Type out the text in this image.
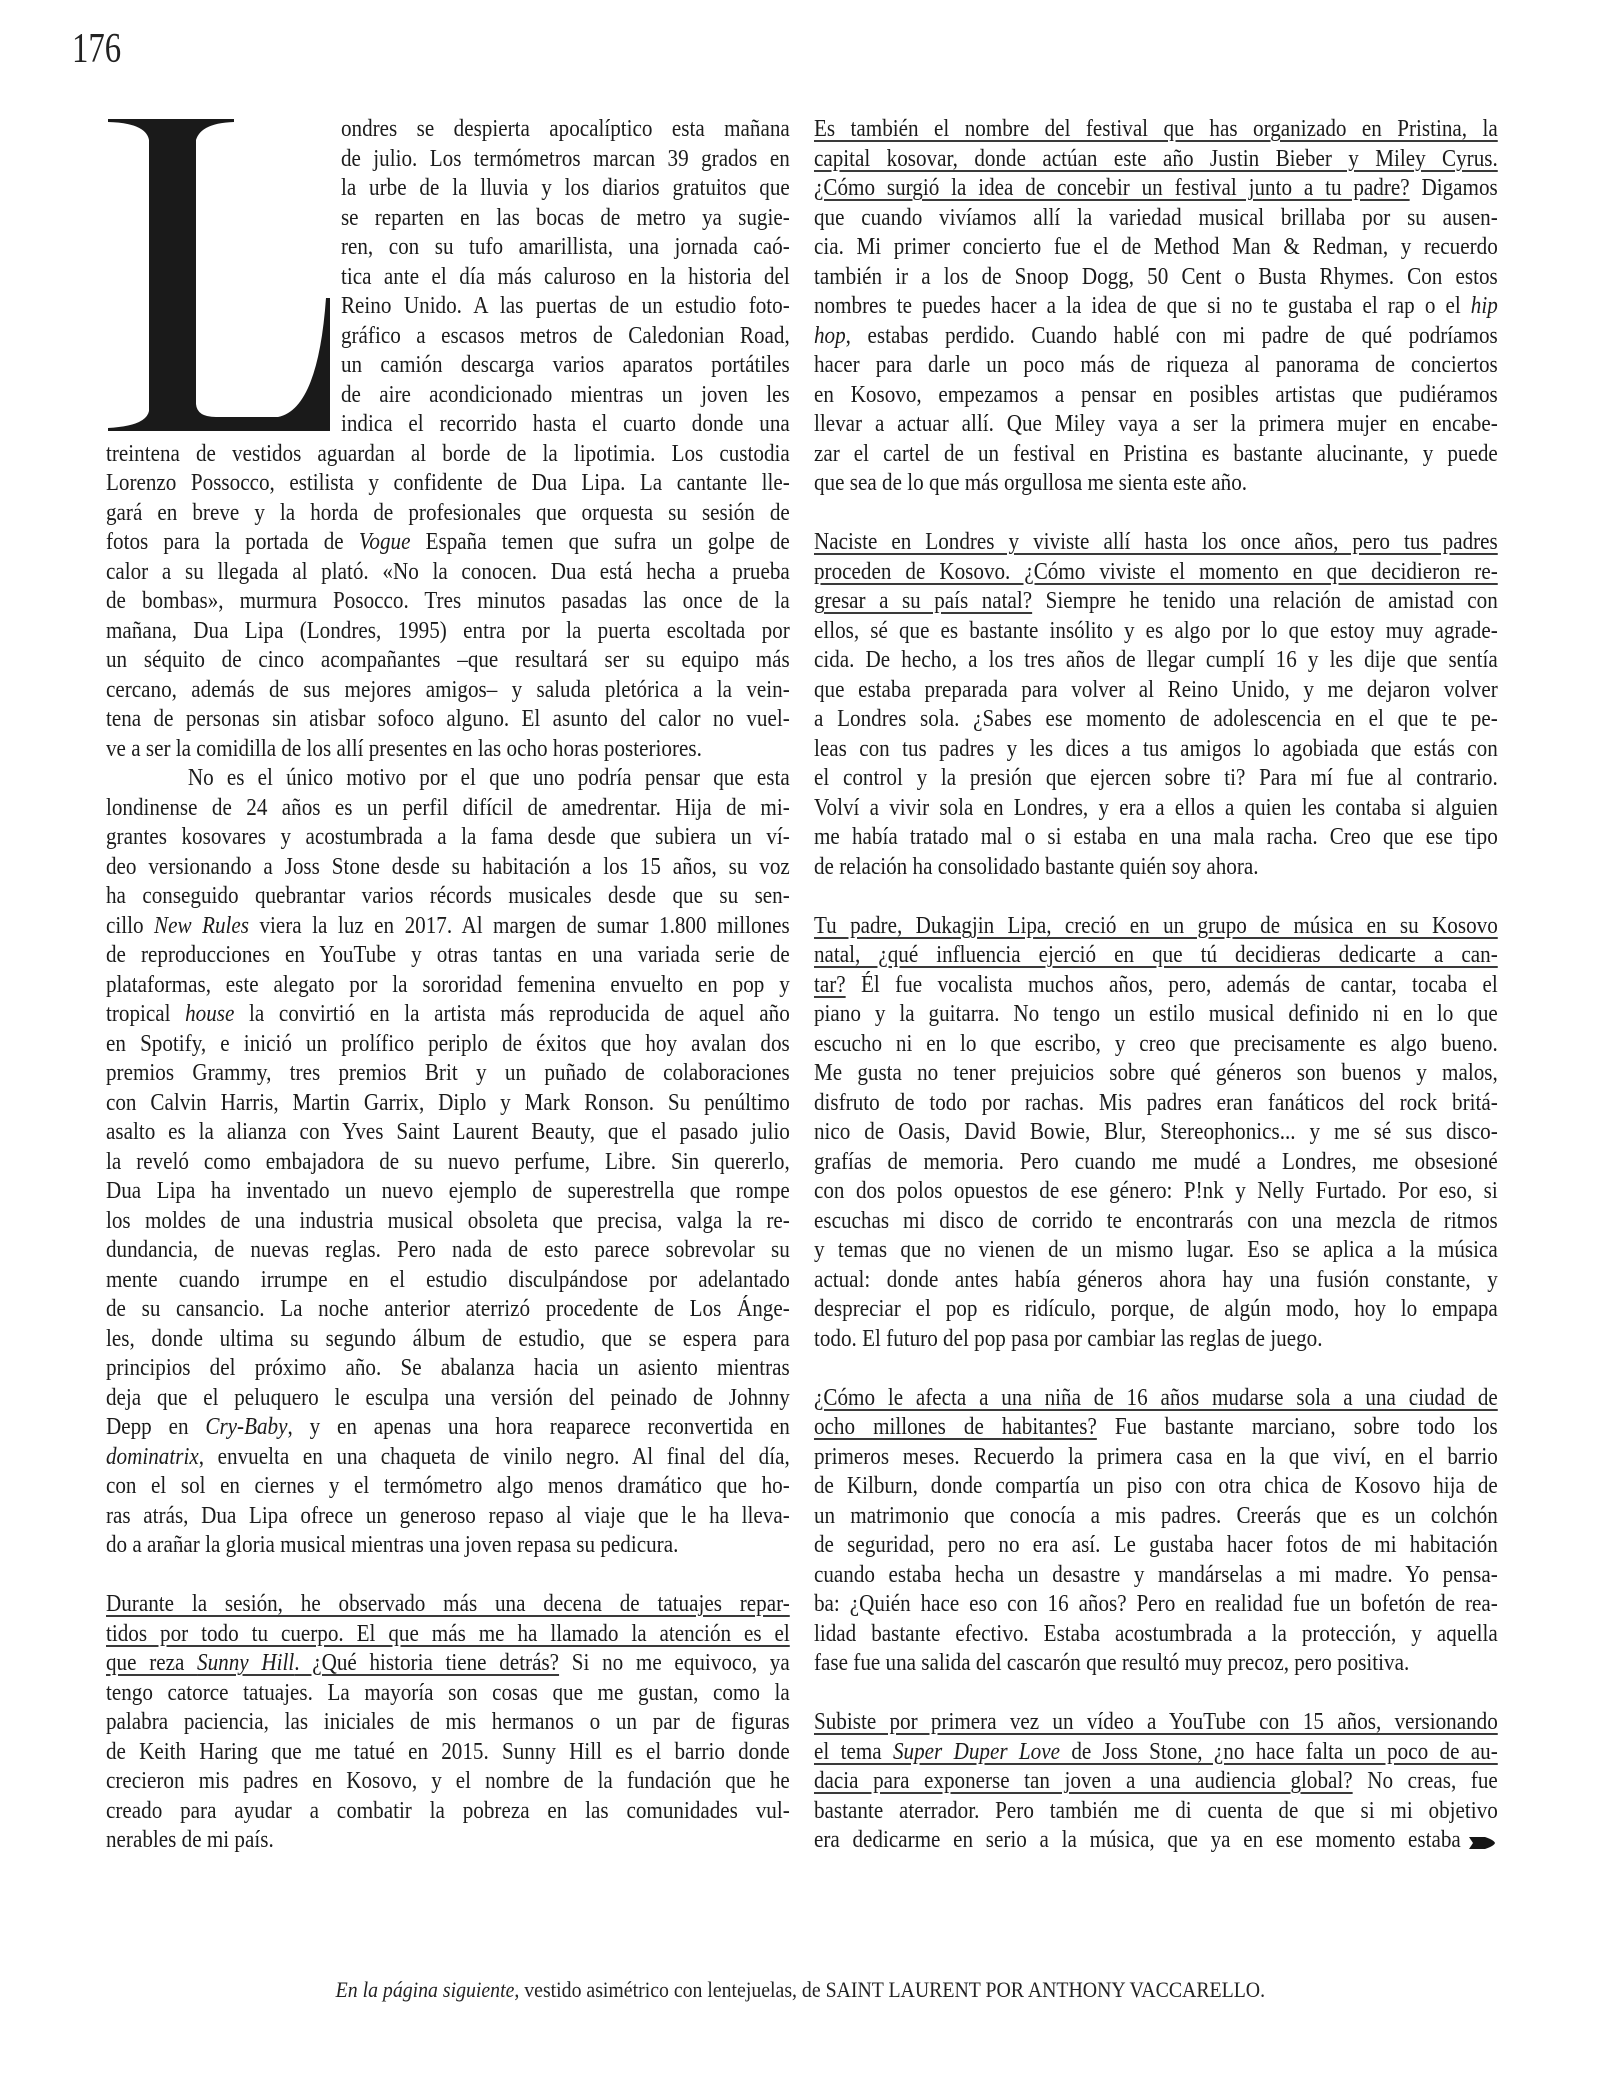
176
ondres se despierta apocalíptico esta mañana
de julio. Los termómetros marcan 39 grados en
la urbe de la lluvia y los diarios gratuitos que
se reparten en las bocas de metro ya sugie-
ren, con su tufo amarillista, una jornada caó-
tica ante el día más caluroso en la historia del
Reino Unido. A las puertas de un estudio foto-
gráfico a escasos metros de Caledonian Road,
un camión descarga varios aparatos portátiles
de aire acondicionado mientras un joven les
indica el recorrido hasta el cuarto donde una
treintena de vestidos aguardan al borde de la lipotimia. Los custodia
Lorenzo Possocco, estilista y confidente de Dua Lipa. La cantante lle-
gará en breve y la horda de profesionales que orquesta su sesión de
fotos para la portada de Vogue España temen que sufra un golpe de
calor a su llegada al plató. «No la conocen. Dua está hecha a prueba
de bombas», murmura Posocco. Tres minutos pasadas las once de la
mañana, Dua Lipa (Londres, 1995) entra por la puerta escoltada por
un séquito de cinco acompañantes –que resultará ser su equipo más
cercano, además de sus mejores amigos– y saluda pletórica a la vein-
tena de personas sin atisbar sofoco alguno. El asunto del calor no vuel-
ve a ser la comidilla de los allí presentes en las ocho horas posteriores.
No es el único motivo por el que uno podría pensar que esta
londinense de 24 años es un perfil difícil de amedrentar. Hija de mi-
grantes kosovares y acostumbrada a la fama desde que subiera un ví-
deo versionando a Joss Stone desde su habitación a los 15 años, su voz
ha conseguido quebrantar varios récords musicales desde que su sen-
cillo New Rules viera la luz en 2017. Al margen de sumar 1.800 millones
de reproducciones en YouTube y otras tantas en una variada serie de
plataformas, este alegato por la sororidad femenina envuelto en pop y
tropical house la convirtió en la artista más reproducida de aquel año
en Spotify, e inició un prolífico periplo de éxitos que hoy avalan dos
premios Grammy, tres premios Brit y un puñado de colaboraciones
con Calvin Harris, Martin Garrix, Diplo y Mark Ronson. Su penúltimo
asalto es la alianza con Yves Saint Laurent Beauty, que el pasado julio
la reveló como embajadora de su nuevo perfume, Libre. Sin quererlo,
Dua Lipa ha inventado un nuevo ejemplo de superestrella que rompe
los moldes de una industria musical obsoleta que precisa, valga la re-
dundancia, de nuevas reglas. Pero nada de esto parece sobrevolar su
mente cuando irrumpe en el estudio disculpándose por adelantado
de su cansancio. La noche anterior aterrizó procedente de Los Ánge-
les, donde ultima su segundo álbum de estudio, que se espera para
principios del próximo año. Se abalanza hacia un asiento mientras
deja que el peluquero le esculpa una versión del peinado de Johnny
Depp en Cry-Baby, y en apenas una hora reaparece reconvertida en
dominatrix, envuelta en una chaqueta de vinilo negro. Al final del día,
con el sol en ciernes y el termómetro algo menos dramático que ho-
ras atrás, Dua Lipa ofrece un generoso repaso al viaje que le ha lleva-
do a arañar la gloria musical mientras una joven repasa su pedicura.
Durante la sesión, he observado más una decena de tatuajes repar-
tidos por todo tu cuerpo. El que más me ha llamado la atención es el
que reza Sunny Hill. ¿Qué historia tiene detrás? Si no me equivoco, ya
tengo catorce tatuajes. La mayoría son cosas que me gustan, como la
palabra paciencia, las iniciales de mis hermanos o un par de figuras
de Keith Haring que me tatué en 2015. Sunny Hill es el barrio donde
crecieron mis padres en Kosovo, y el nombre de la fundación que he
creado para ayudar a combatir la pobreza en las comunidades vul-
nerables de mi país.
Es también el nombre del festival que has organizado en Pristina, la
capital kosovar, donde actúan este año Justin Bieber y Miley Cyrus.
¿Cómo surgió la idea de concebir un festival junto a tu padre? Digamos
que cuando vivíamos allí la variedad musical brillaba por su ausen-
cia. Mi primer concierto fue el de Method Man & Redman, y recuerdo
también ir a los de Snoop Dogg, 50 Cent o Busta Rhymes. Con estos
nombres te puedes hacer a la idea de que si no te gustaba el rap o el hip
hop, estabas perdido. Cuando hablé con mi padre de qué podríamos
hacer para darle un poco más de riqueza al panorama de conciertos
en Kosovo, empezamos a pensar en posibles artistas que pudiéramos
llevar a actuar allí. Que Miley vaya a ser la primera mujer en encabe-
zar el cartel de un festival en Pristina es bastante alucinante, y puede
que sea de lo que más orgullosa me sienta este año.
Naciste en Londres y viviste allí hasta los once años, pero tus padres
proceden de Kosovo. ¿Cómo viviste el momento en que decidieron re-
gresar a su país natal? Siempre he tenido una relación de amistad con
ellos, sé que es bastante insólito y es algo por lo que estoy muy agrade-
cida. De hecho, a los tres años de llegar cumplí 16 y les dije que sentía
que estaba preparada para volver al Reino Unido, y me dejaron volver
a Londres sola. ¿Sabes ese momento de adolescencia en el que te pe-
leas con tus padres y les dices a tus amigos lo agobiada que estás con
el control y la presión que ejercen sobre ti? Para mí fue al contrario.
Volví a vivir sola en Londres, y era a ellos a quien les contaba si alguien
me había tratado mal o si estaba en una mala racha. Creo que ese tipo
de relación ha consolidado bastante quién soy ahora.
Tu padre, Dukagjin Lipa, creció en un grupo de música en su Kosovo
natal, ¿qué influencia ejerció en que tú decidieras dedicarte a can-
tar? Él fue vocalista muchos años, pero, además de cantar, tocaba el
piano y la guitarra. No tengo un estilo musical definido ni en lo que
escucho ni en lo que escribo, y creo que precisamente es algo bueno.
Me gusta no tener prejuicios sobre qué géneros son buenos y malos,
disfruto de todo por rachas. Mis padres eran fanáticos del rock britá-
nico de Oasis, David Bowie, Blur, Stereophonics... y me sé sus disco-
grafías de memoria. Pero cuando me mudé a Londres, me obsesioné
con dos polos opuestos de ese género: P!nk y Nelly Furtado. Por eso, si
escuchas mi disco de corrido te encontrarás con una mezcla de ritmos
y temas que no vienen de un mismo lugar. Eso se aplica a la música
actual: donde antes había géneros ahora hay una fusión constante, y
despreciar el pop es ridículo, porque, de algún modo, hoy lo empapa
todo. El futuro del pop pasa por cambiar las reglas de juego.
¿Cómo le afecta a una niña de 16 años mudarse sola a una ciudad de
ocho millones de habitantes? Fue bastante marciano, sobre todo los
primeros meses. Recuerdo la primera casa en la que viví, en el barrio
de Kilburn, donde compartía un piso con otra chica de Kosovo hija de
un matrimonio que conocía a mis padres. Creerás que es un colchón
de seguridad, pero no era así. Le gustaba hacer fotos de mi habitación
cuando estaba hecha un desastre y mandárselas a mi madre. Yo pensa-
ba: ¿Quién hace eso con 16 años? Pero en realidad fue un bofetón de rea-
lidad bastante efectivo. Estaba acostumbrada a la protección, y aquella
fase fue una salida del cascarón que resultó muy precoz, pero positiva.
Subiste por primera vez un vídeo a YouTube con 15 años, versionando
el tema Super Duper Love de Joss Stone, ¿no hace falta un poco de au-
dacia para exponerse tan joven a una audiencia global? No creas, fue
bastante aterrador. Pero también me di cuenta de que si mi objetivo
era dedicarme en serio a la música, que ya en ese momento estaba
En la página siguiente, vestido asimétrico con lentejuelas, de SAINT LAURENT POR ANTHONY VACCARELLO.
